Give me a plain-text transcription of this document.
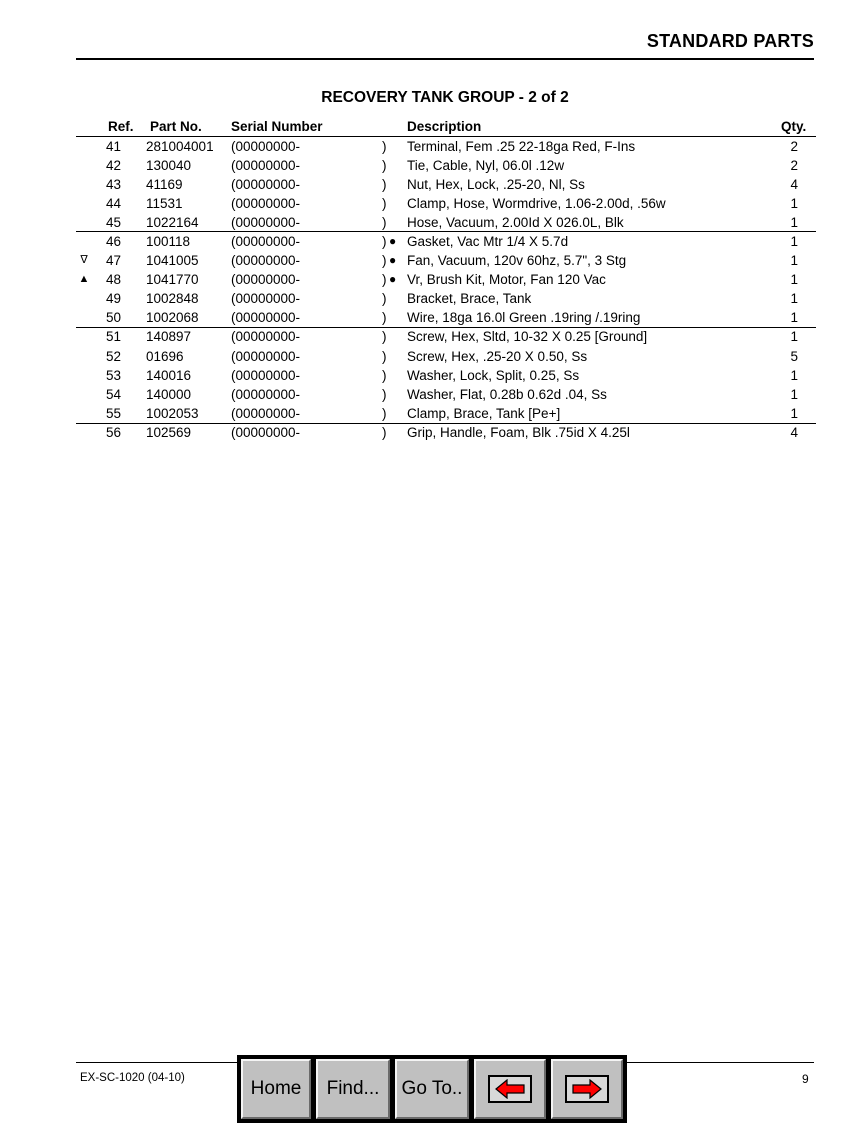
STANDARD PARTS
RECOVERY TANK GROUP - 2 of 2
Ref. Part No. Serial Number	Description	Qty.
41 281004001 (00000000-	) Terminal, Fem .25 22-18ga Red, F-Ins	2
42 130040	(00000000-	) Tie, Cable, Nyl, 06.0l .12w	2
43 41169	(00000000-	) Nut, Hex, Lock, .25-20, Nl, Ss	4
44 11531	(00000000-	) Clamp, Hose, Wormdrive, 1.06-2.00d, .56w	1
45 1022164 (00000000-	) Hose, Vacuum, 2.00Id X 026.0L, Blk	1
46 100118	(00000000-	) ● Gasket, Vac Mtr 1/4 X 5.7d	1
∇ 47 1041005 (00000000-	) ● Fan, Vacuum, 120v 60hz, 5.7", 3 Stg	1
▲ 48 1041770 (00000000-	) ● Vr, Brush Kit, Motor, Fan 120 Vac	1
49 1002848 (00000000-	) Bracket, Brace, Tank	1
50 1002068 (00000000-	) Wire, 18ga 16.0l Green .19ring /.19ring	1
51 140897	(00000000-	) Screw, Hex, Sltd, 10-32 X 0.25 [Ground]	1
52 01696	(00000000-	) Screw, Hex, .25-20 X 0.50, Ss	5
53 140016	(00000000-	) Washer, Lock, Split, 0.25, Ss	1
54 140000	(00000000-	) Washer, Flat, 0.28b 0.62d .04, Ss	1
55 1002053 (00000000-	) Clamp, Brace, Tank [Pe+]	1
56 102569	(00000000-	) Grip, Handle, Foam, Blk .75id X 4.25l	4
EX-SC-1020 (04-10)	9
Home	Find...	Go To..
